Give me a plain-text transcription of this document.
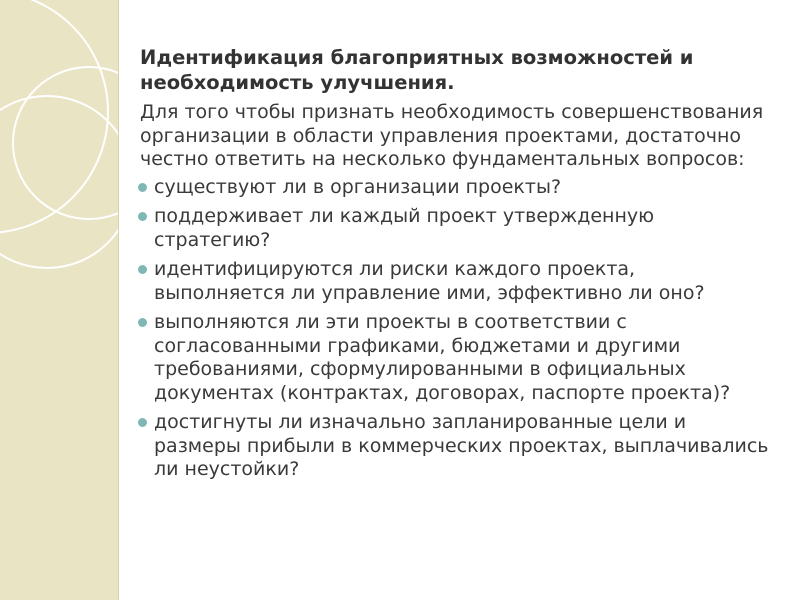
Идентификация благоприятных возможностей и необходимость улучшения.
Для того чтобы признать необходимость совершенствования организации в области управления проектами, достаточно честно ответить на несколько фундаментальных вопросов:
существуют ли в организации проекты?
поддерживает ли каждый проект утвержденную стратегию?
идентифицируются ли риски каждого проекта, выполняется ли управление ими, эффективно ли оно?
выполняются ли эти проекты в соответствии с согласованными графиками, бюджетами и другими требованиями, сформулированными в официальных документах (контрактах, договорах, паспорте проекта)?
достигнуты ли изначально запланированные цели и размеры прибыли в коммерческих проектах, выплачивались ли неустойки?
